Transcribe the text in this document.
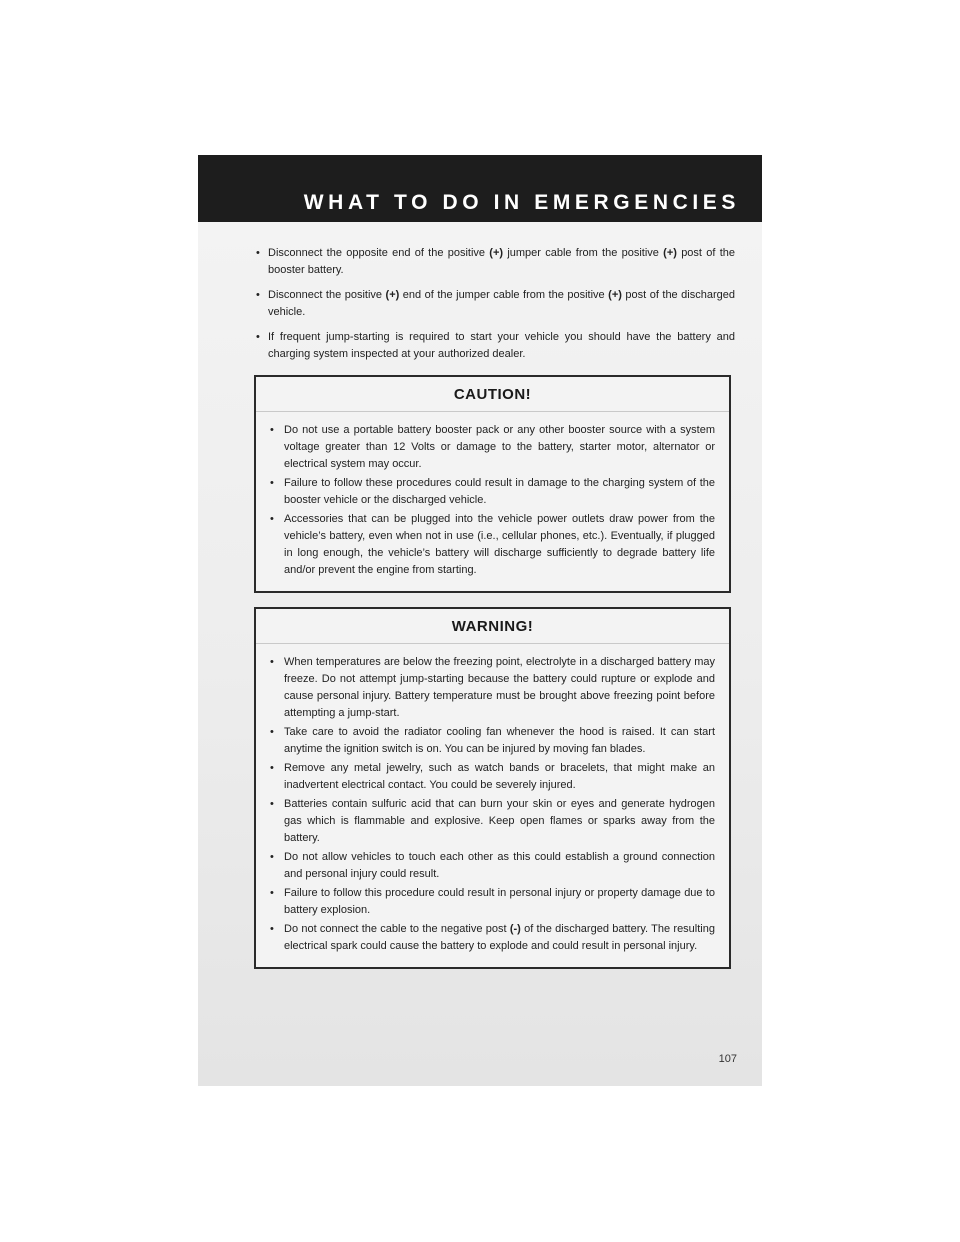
WHAT TO DO IN EMERGENCIES
• Disconnect the opposite end of the positive (+) jumper cable from the positive (+) post of the booster battery.
• Disconnect the positive (+) end of the jumper cable from the positive (+) post of the discharged vehicle.
• If frequent jump-starting is required to start your vehicle you should have the battery and charging system inspected at your authorized dealer.
CAUTION!
• Do not use a portable battery booster pack or any other booster source with a system voltage greater than 12 Volts or damage to the battery, starter motor, alternator or electrical system may occur.
• Failure to follow these procedures could result in damage to the charging system of the booster vehicle or the discharged vehicle.
• Accessories that can be plugged into the vehicle power outlets draw power from the vehicle’s battery, even when not in use (i.e., cellular phones, etc.). Eventually, if plugged in long enough, the vehicle’s battery will discharge sufficiently to degrade battery life and/or prevent the engine from starting.
WARNING!
• When temperatures are below the freezing point, electrolyte in a discharged battery may freeze. Do not attempt jump-starting because the battery could rupture or explode and cause personal injury. Battery temperature must be brought above freezing point before attempting a jump-start.
• Take care to avoid the radiator cooling fan whenever the hood is raised. It can start anytime the ignition switch is on. You can be injured by moving fan blades.
• Remove any metal jewelry, such as watch bands or bracelets, that might make an inadvertent electrical contact. You could be severely injured.
• Batteries contain sulfuric acid that can burn your skin or eyes and generate hydrogen gas which is flammable and explosive. Keep open flames or sparks away from the battery.
• Do not allow vehicles to touch each other as this could establish a ground connection and personal injury could result.
• Failure to follow this procedure could result in personal injury or property damage due to battery explosion.
• Do not connect the cable to the negative post (-) of the discharged battery. The resulting electrical spark could cause the battery to explode and could result in personal injury.
107
